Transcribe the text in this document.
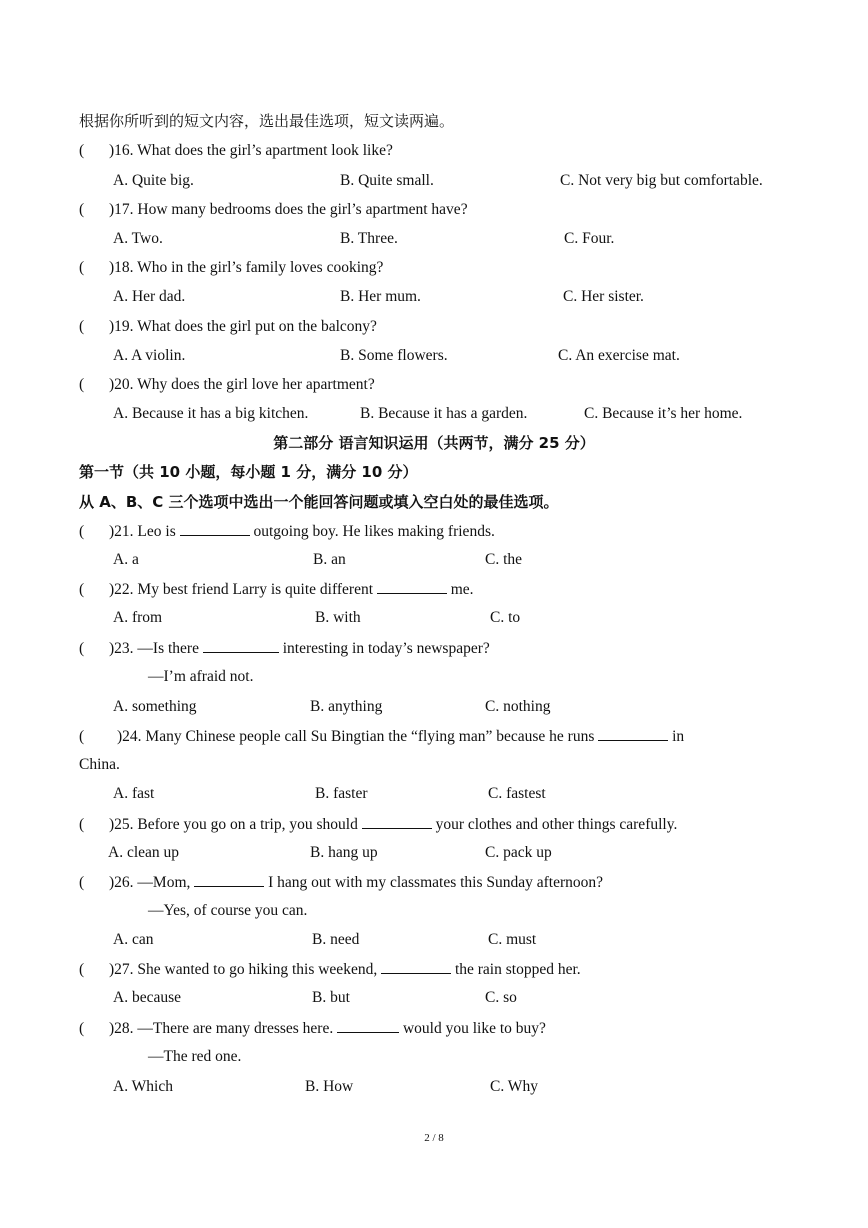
根据你所听到的短文内容，选出最佳选项，短文读两遍。
( )16. What does the girl’s apartment look like?
A. Quite big.	B. Quite small.	C. Not very big but comfortable.
( )17. How many bedrooms does the girl’s apartment have?
A. Two.	B. Three.	C. Four.
( )18. Who in the girl’s family loves cooking?
A. Her dad.	B. Her mum.	C. Her sister.
( )19. What does the girl put on the balcony?
A. A violin.	B. Some flowers.	C. An exercise mat.
( )20. Why does the girl love her apartment?
A. Because it has a big kitchen.	B. Because it has a garden.	C. Because it’s her home.
第二部分 语言知识运用（共两节，满分 25 分）
第一节（共 10 小题，每小题 1 分，满分 10 分）
从 A、B、C 三个选项中选出一个能回答问题或填入空白处的最佳选项。
( )21. Leo is	outgoing boy. He likes making friends.
A. a	B. an	C. the
( )22. My best friend Larry is quite different	me.
A. from	B. with	C. to
( )23. —Is there	interesting in today’s newspaper?
—I’m afraid not.
A. something	B. anything	C. nothing
( )24. Many Chinese people call Su Bingtian the “flying man” because he runs	in
China.
A. fast	B. faster	C. fastest
( )25. Before you go on a trip, you should	your clothes and other things carefully.
A. clean up	B. hang up	C. pack up
( )26. —Mom,	I hang out with my classmates this Sunday afternoon?
—Yes, of course you can.
A. can	B. need	C. must
( )27. She wanted to go hiking this weekend,	the rain stopped her.
A. because	B. but	C. so
( )28. —There are many dresses here.	would you like to buy?
—The red one.
A. Which	B. How	C. Why
2 / 8
